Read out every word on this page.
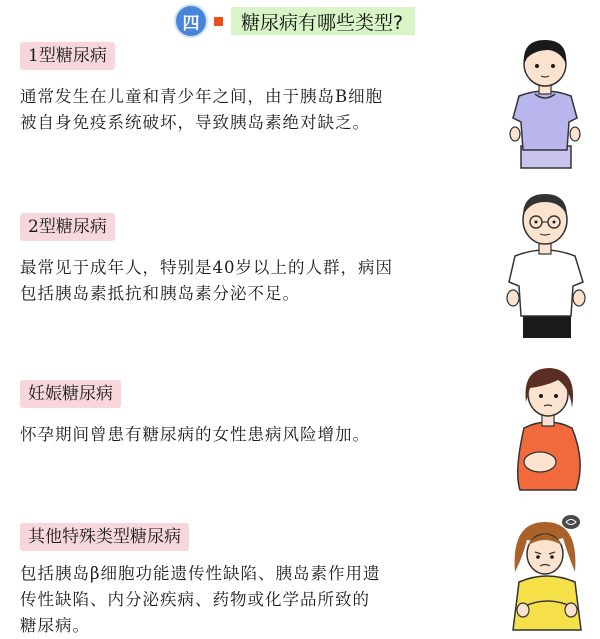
四	糖尿病有哪些类型?
1型糖尿病
通常发生在儿童和青少年之间，由于胰岛B细胞
被自身免疫系统破坏，导致胰岛素绝对缺乏。
2型糖尿病
最常见于成年人，特别是40岁以上的人群，病因
包括胰岛素抵抗和胰岛素分泌不足。
妊娠糖尿病
怀孕期间曾患有糖尿病的女性患病风险增加。
其他特殊类型糖尿病
包括胰岛β细胞功能遗传性缺陷、胰岛素作用遗
传性缺陷、内分泌疾病、药物或化学品所致的
糖尿病。
